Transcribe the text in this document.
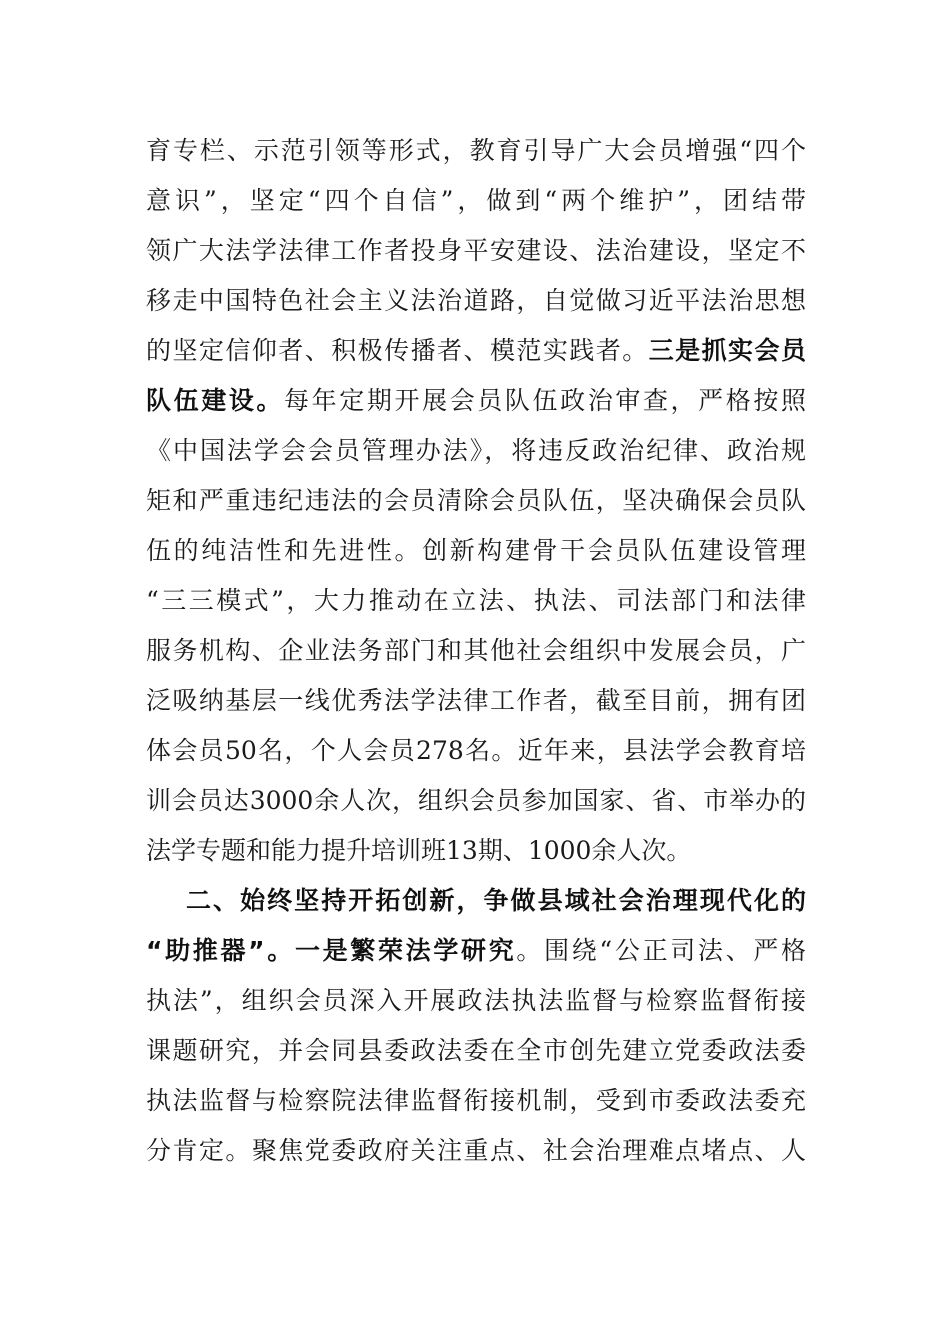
育专栏、示范引领等形式，教育引导广大会员增强“四个
意识”，坚定“四个自信”，做到“两个维护”，团结带
领广大法学法律工作者投身平安建设、法治建设，坚定不
移走中国特色社会主义法治道路，自觉做习近平法治思想
的坚定信仰者、积极传播者、模范实践者。三是抓实会员
队伍建设。每年定期开展会员队伍政治审查，严格按照
《中国法学会会员管理办法》，将违反政治纪律、政治规
矩和严重违纪违法的会员清除会员队伍，坚决确保会员队
伍的纯洁性和先进性。创新构建骨干会员队伍建设管理
“三三模式”，大力推动在立法、执法、司法部门和法律
服务机构、企业法务部门和其他社会组织中发展会员，广
泛吸纳基层一线优秀法学法律工作者，截至目前，拥有团
体会员50名，个人会员278名。近年来，县法学会教育培
训会员达3000余人次，组织会员参加国家、省、市举办的
法学专题和能力提升培训班13期、1000余人次。
二、始终坚持开拓创新，争做县域社会治理现代化的
“助推器”。一是繁荣法学研究。围绕“公正司法、严格
执法”，组织会员深入开展政法执法监督与检察监督衔接
课题研究，并会同县委政法委在全市创先建立党委政法委
执法监督与检察院法律监督衔接机制，受到市委政法委充
分肯定。聚焦党委政府关注重点、社会治理难点堵点、人
